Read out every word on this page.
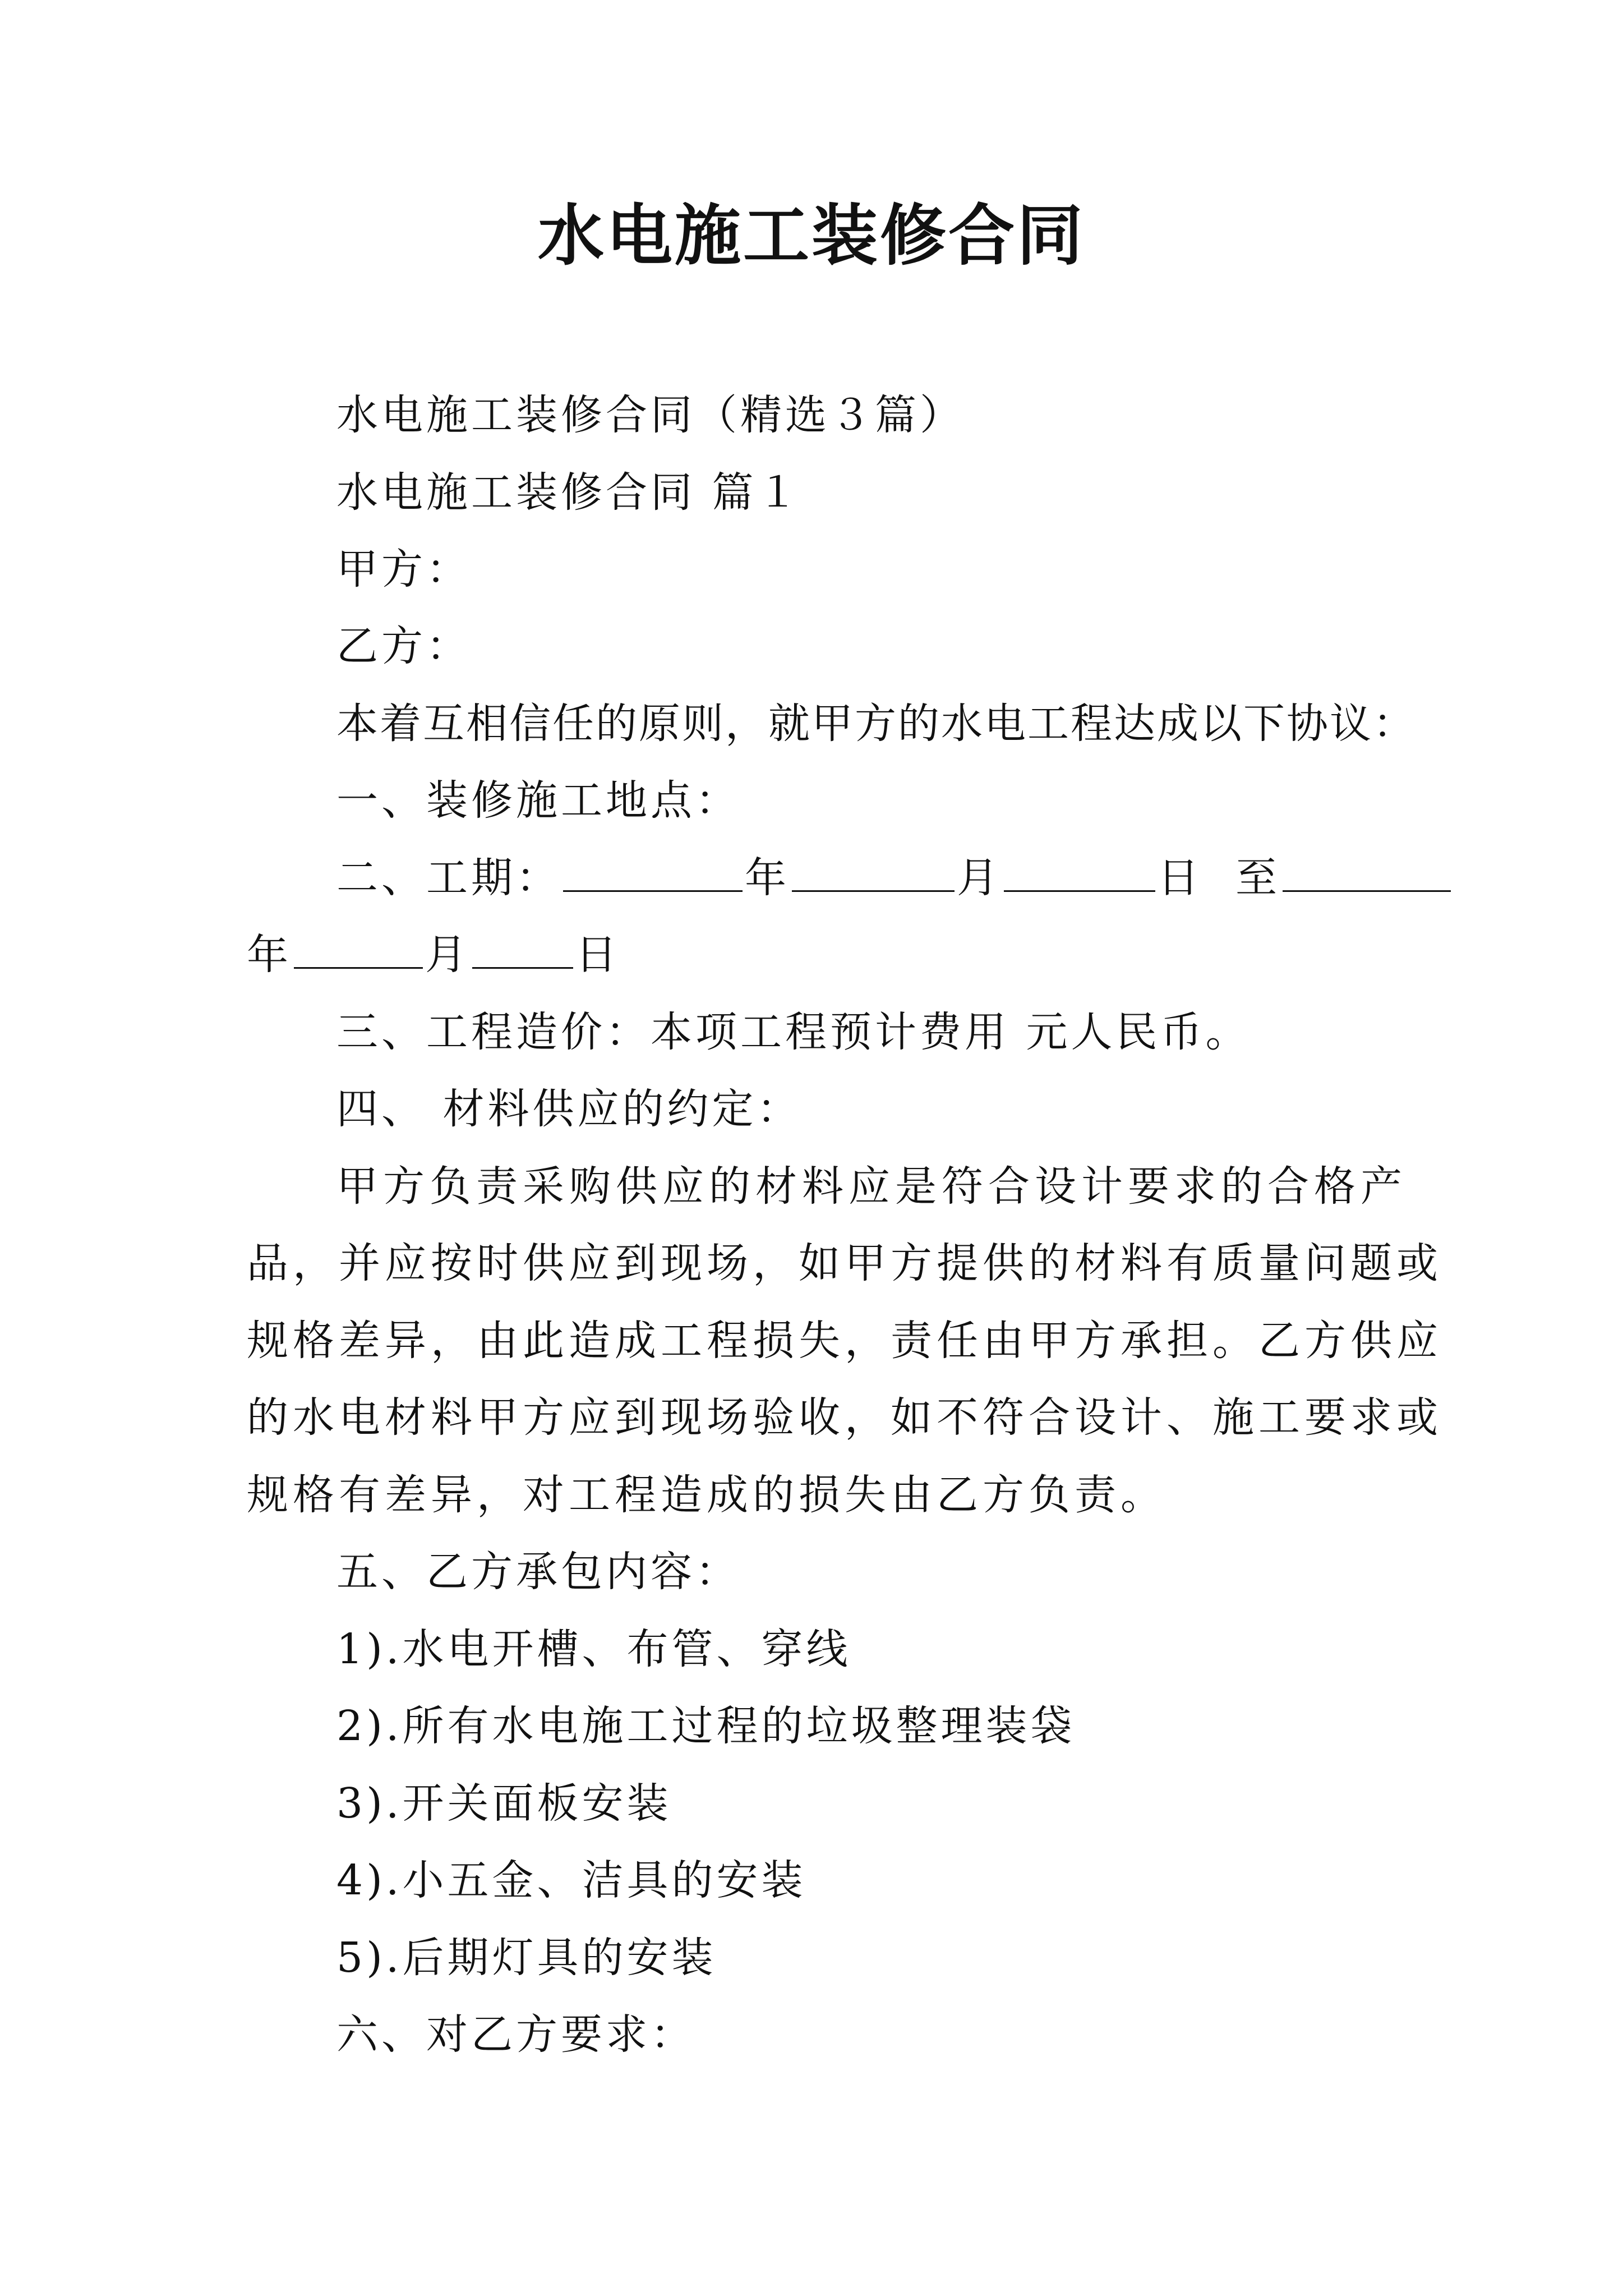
水电施工装修合同

水电施工装修合同（精选３篇）

水电施工装修合同 篇１

甲方：

乙方：

本着互相信任的原则，就甲方的水电工程达成以下协议：

一、装修施工地点：

二、工期：	年	月	日 至

年	月	日

三、工程造价：本项工程预计费用 元人民币。

四、 材料供应的约定：

甲方负责采购供应的材料应是符合设计要求的合格产

品，并应按时供应到现场，如甲方提供的材料有质量问题或

规格差异，由此造成工程损失，责任由甲方承担。乙方供应

的水电材料甲方应到现场验收，如不符合设计、施工要求或

规格有差异，对工程造成的损失由乙方负责。

五、乙方承包内容：

1).水电开槽、布管、穿线

2).所有水电施工过程的垃圾整理装袋

3).开关面板安装

4).小五金、洁具的安装

5).后期灯具的安装

六、对乙方要求：
